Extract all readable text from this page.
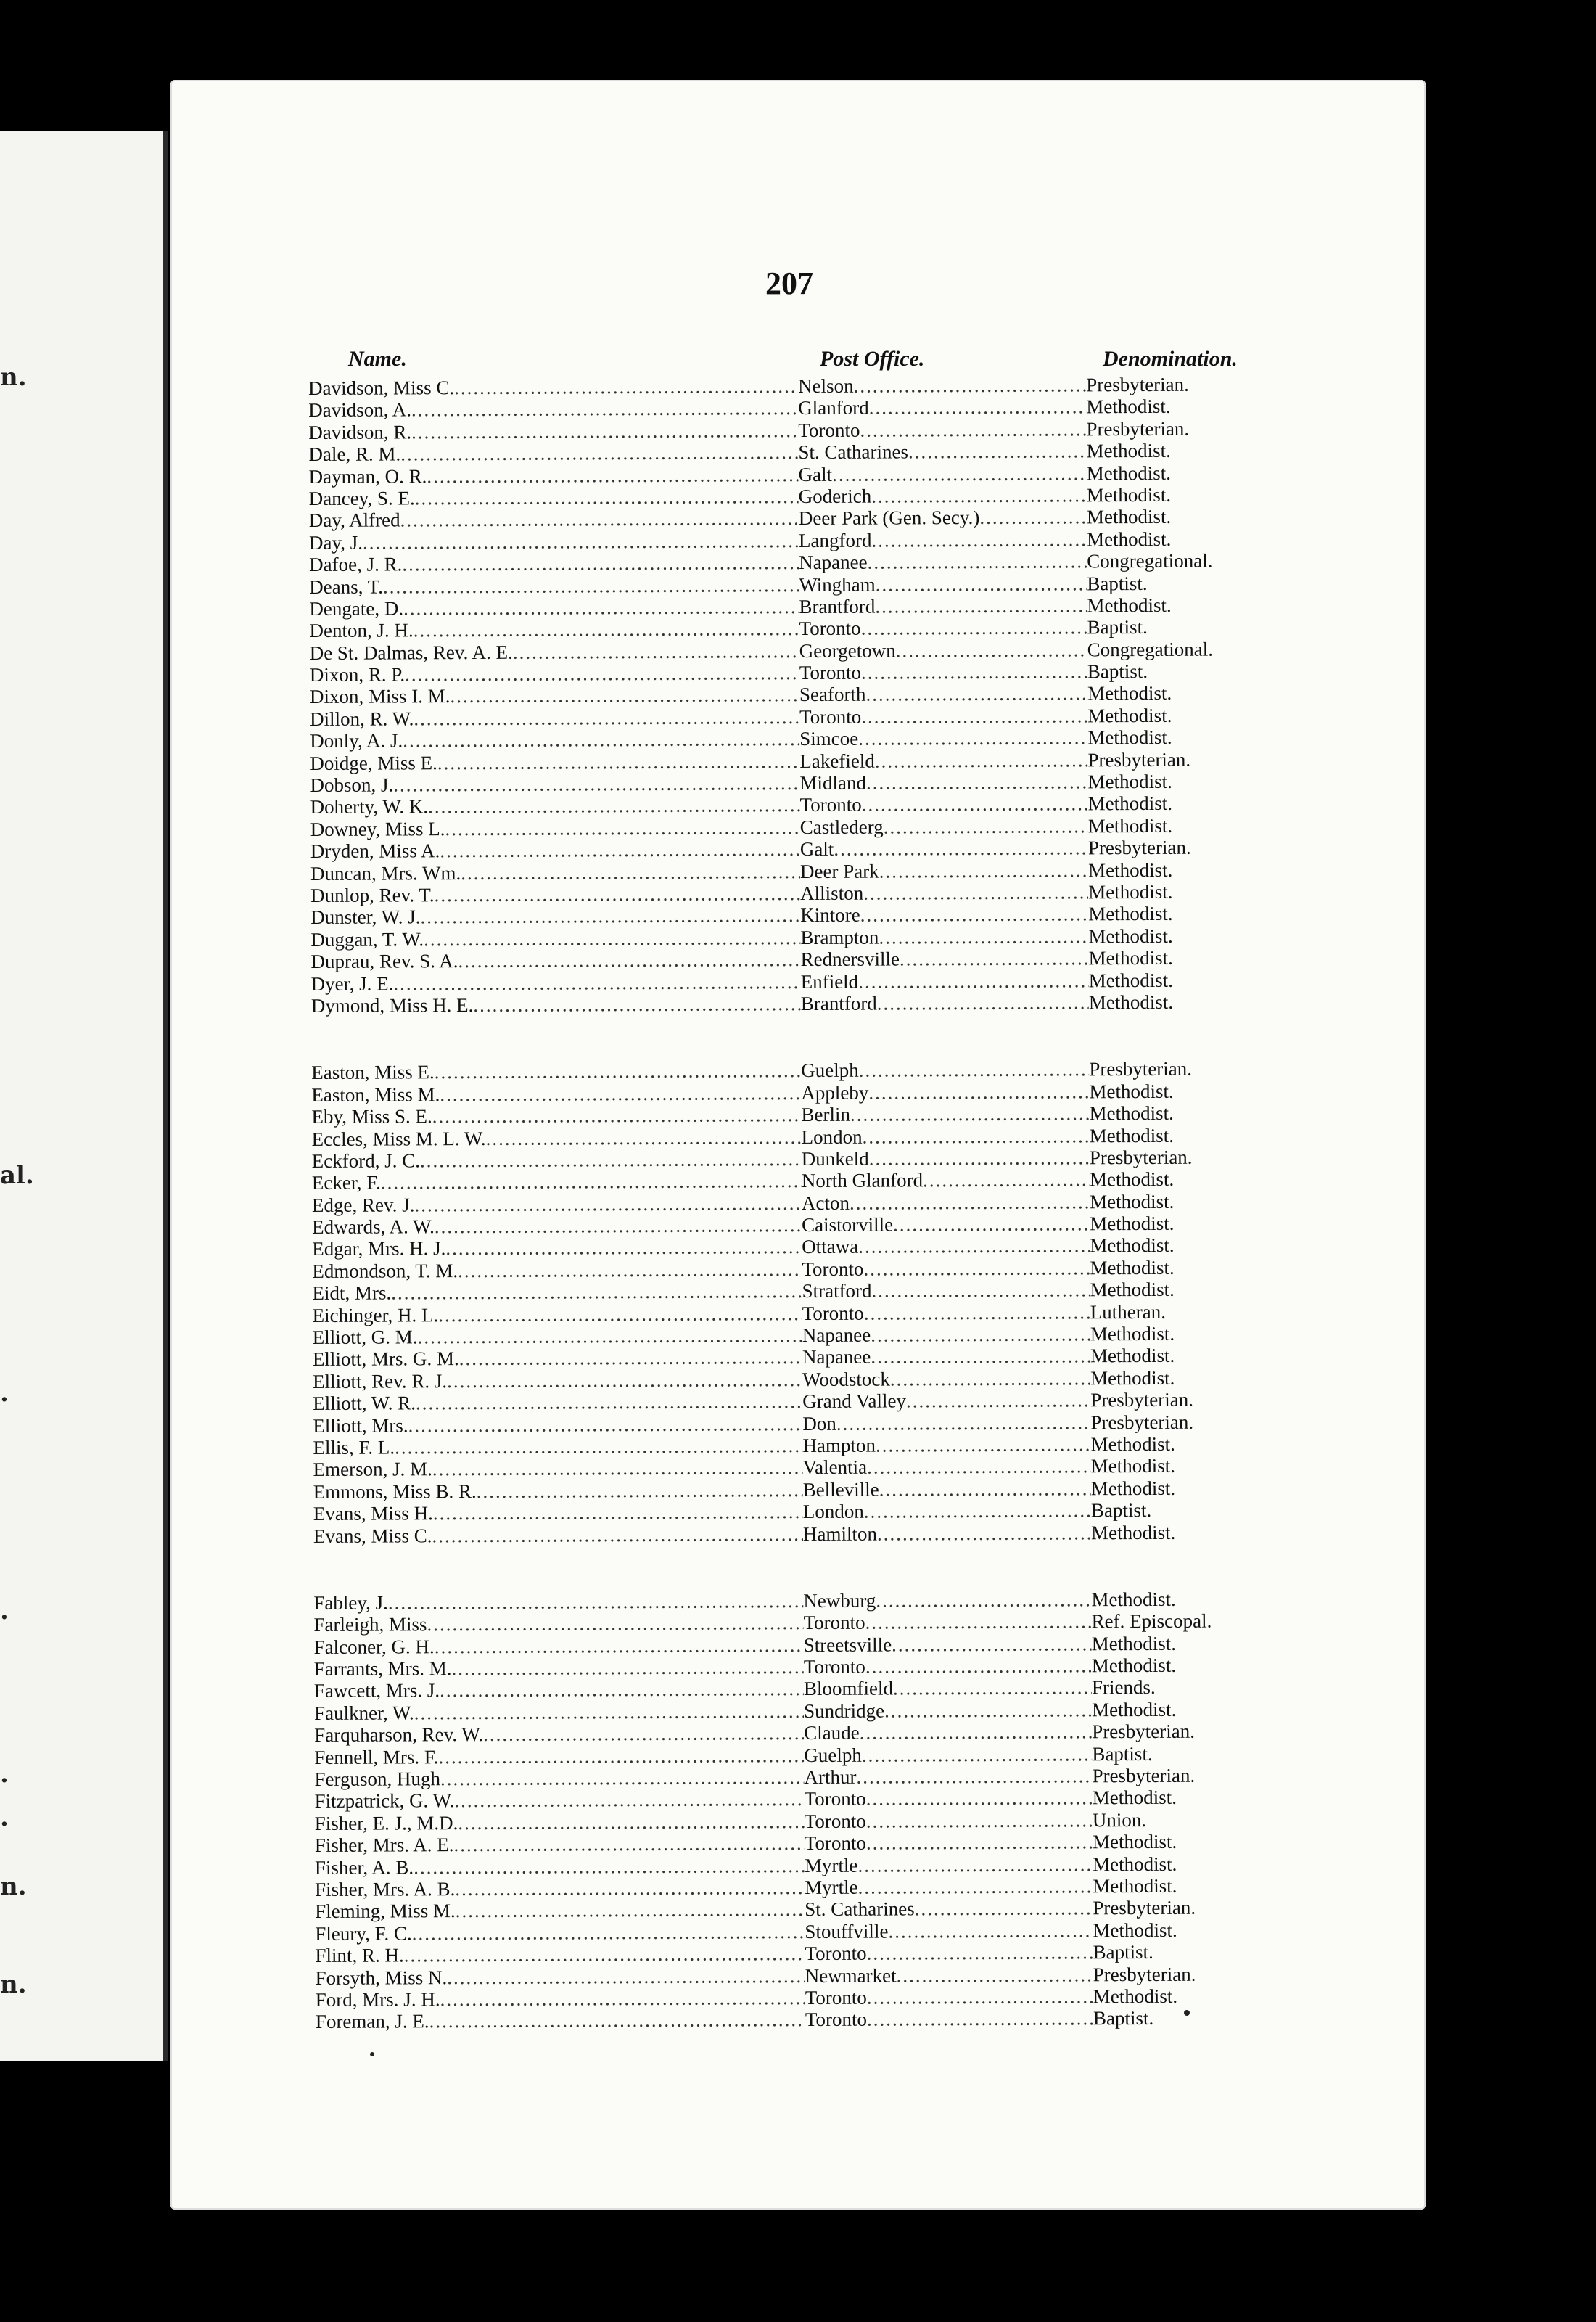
n.
al.
.
.
.
.
n.
n.
207
Name.	Post Office.	Denomination.
Davidson, Miss C. .....	Nelson .....	Presbyterian.
Davidson, A. .....	Glanford .....	Methodist.
Davidson, R. .....	Toronto .....	Presbyterian.
Dale, R. M. .....	St. Catharines .....	Methodist.
Dayman, O. R. .....	Galt .....	Methodist.
Dancey, S. E. .....	Goderich .....	Methodist.
Day, Alfred .....	Deer Park (Gen. Secy.) .....	Methodist.
Day, J. .....	Langford .....	Methodist.
Dafoe, J. R. .....	Napanee .....	Congregational.
Deans, T. .....	Wingham .....	Baptist.
Dengate, D. .....	Brantford .....	Methodist.
Denton, J. H. .....	Toronto .....	Baptist.
De St. Dalmas, Rev. A. E. .....	Georgetown .....	Congregational.
Dixon, R. P. .....	Toronto .....	Baptist.
Dixon, Miss I. M. .....	Seaforth .....	Methodist.
Dillon, R. W. .....	Toronto .....	Methodist.
Donly, A. J. .....	Simcoe .....	Methodist.
Doidge, Miss E. .....	Lakefield .....	Presbyterian.
Dobson, J. .....	Midland .....	Methodist.
Doherty, W. K. .....	Toronto .....	Methodist.
Downey, Miss L. .....	Castlederg .....	Methodist.
Dryden, Miss A. .....	Galt .....	Presbyterian.
Duncan, Mrs. Wm. .....	Deer Park .....	Methodist.
Dunlop, Rev. T. .....	Alliston .....	Methodist.
Dunster, W. J. .....	Kintore .....	Methodist.
Duggan, T. W. .....	Brampton .....	Methodist.
Duprau, Rev. S. A. .....	Rednersville .....	Methodist.
Dyer, J. E. .....	Enfield .....	Methodist.
Dymond, Miss H. E. .....	Brantford .....	Methodist.
Easton, Miss E. .....	Guelph .....	Presbyterian.
Easton, Miss M. .....	Appleby .....	Methodist.
Eby, Miss S. E. .....	Berlin .....	Methodist.
Eccles, Miss M. L. W. .....	London .....	Methodist.
Eckford, J. C. .....	Dunkeld .....	Presbyterian.
Ecker, F. .....	North Glanford .....	Methodist.
Edge, Rev. J. .....	Acton .....	Methodist.
Edwards, A. W. .....	Caistorville .....	Methodist.
Edgar, Mrs. H. J. .....	Ottawa .....	Methodist.
Edmondson, T. M. .....	Toronto .....	Methodist.
Eidt, Mrs. .....	Stratford .....	Methodist.
Eichinger, H. L. .....	Toronto .....	Lutheran.
Elliott, G. M. .....	Napanee .....	Methodist.
Elliott, Mrs. G. M. .....	Napanee .....	Methodist.
Elliott, Rev. R. J. .....	Woodstock .....	Methodist.
Elliott, W. R. .....	Grand Valley .....	Presbyterian.
Elliott, Mrs. .....	Don .....	Presbyterian.
Ellis, F. L. .....	Hampton .....	Methodist.
Emerson, J. M. .....	Valentia .....	Methodist.
Emmons, Miss B. R. .....	Belleville .....	Methodist.
Evans, Miss H. .....	London .....	Baptist.
Evans, Miss C. .....	Hamilton .....	Methodist.
Fabley, J. .....	Newburg .....	Methodist.
Farleigh, Miss .....	Toronto .....	Ref. Episcopal.
Falconer, G. H. .....	Streetsville .....	Methodist.
Farrants, Mrs. M. .....	Toronto .....	Methodist.
Fawcett, Mrs. J. .....	Bloomfield .....	Friends.
Faulkner, W. .....	Sundridge .....	Methodist.
Farquharson, Rev. W. .....	Claude .....	Presbyterian.
Fennell, Mrs. F. .....	Guelph .....	Baptist.
Ferguson, Hugh .....	Arthur .....	Presbyterian.
Fitzpatrick, G. W. .....	Toronto .....	Methodist.
Fisher, E. J., M.D. .....	Toronto .....	Union.
Fisher, Mrs. A. E. .....	Toronto .....	Methodist.
Fisher, A. B. .....	Myrtle .....	Methodist.
Fisher, Mrs. A. B. .....	Myrtle .....	Methodist.
Fleming, Miss M. .....	St. Catharines .....	Presbyterian.
Fleury, F. C. .....	Stouffville .....	Methodist.
Flint, R. H. .....	Toronto .....	Baptist.
Forsyth, Miss N. .....	Newmarket .....	Presbyterian.
Ford, Mrs. J. H. .....	Toronto .....	Methodist.
Foreman, J. E. .....	Toronto .....	Baptist.
